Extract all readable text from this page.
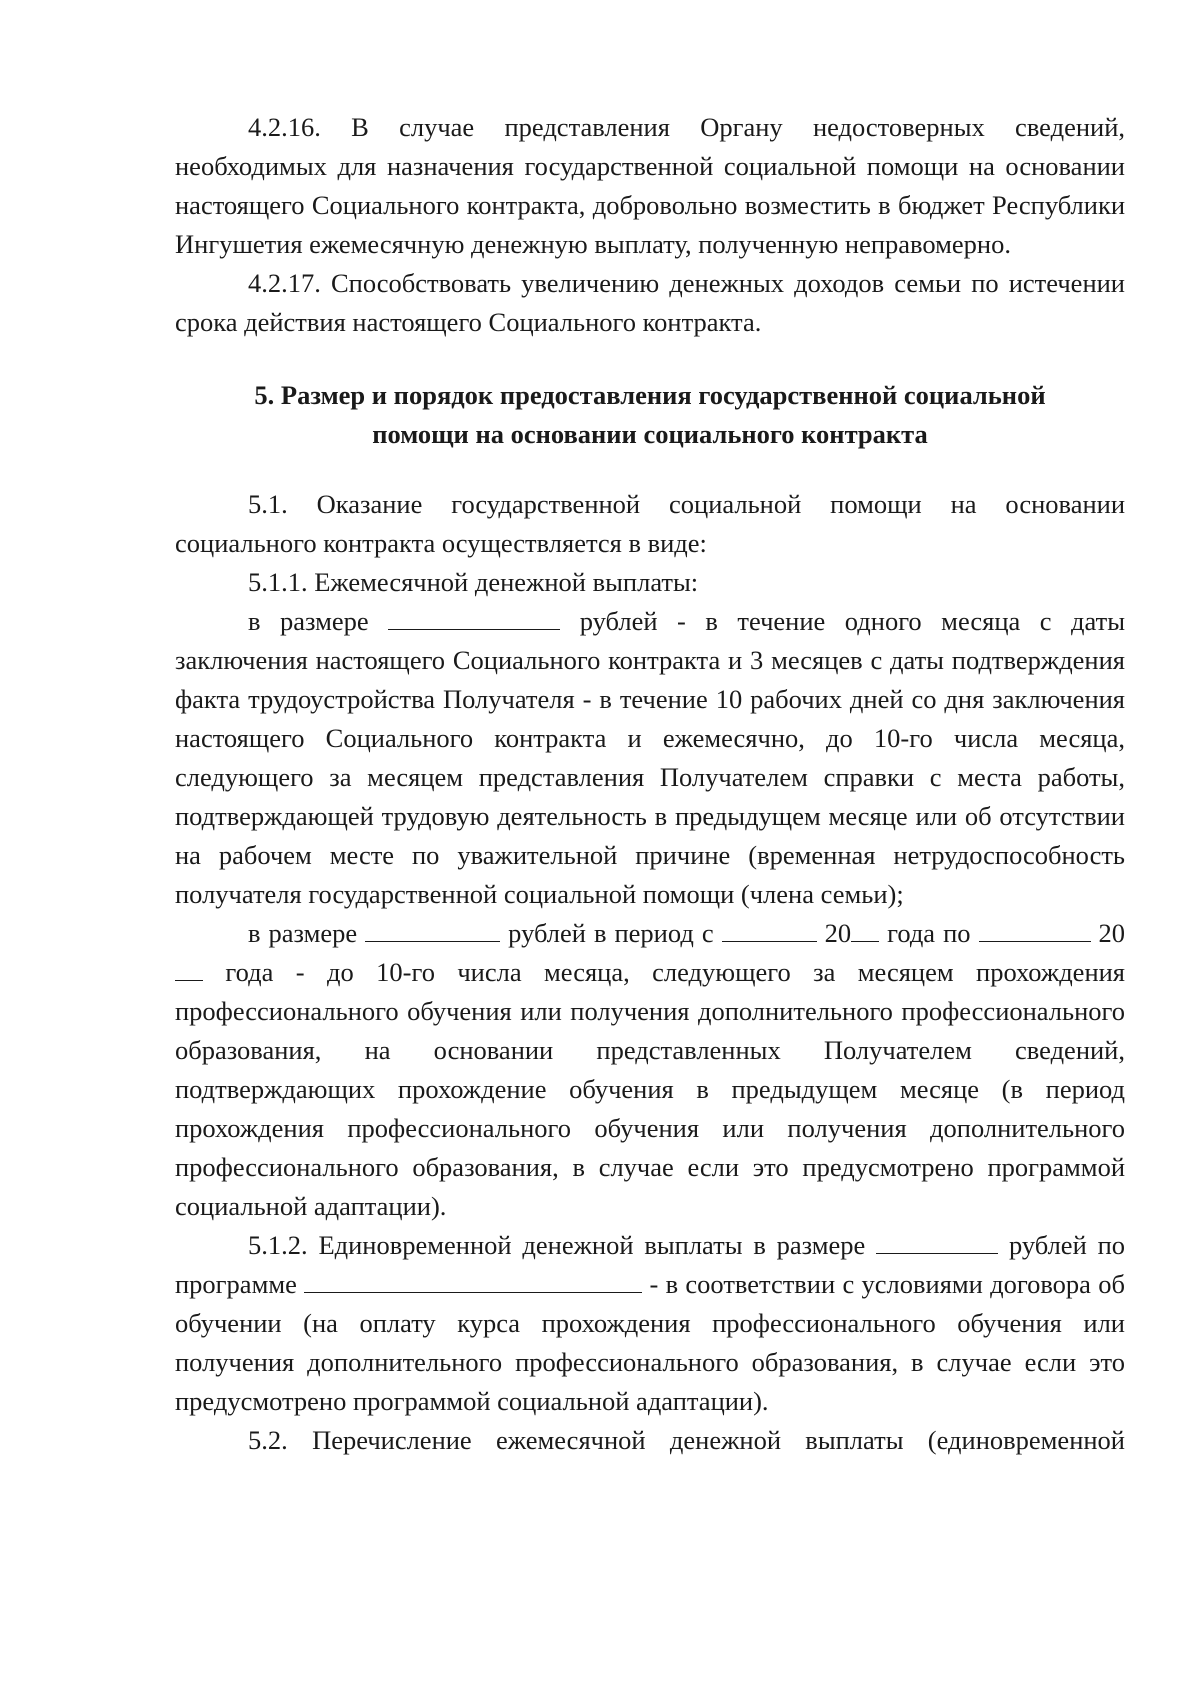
4.2.16. В случае представления Органу недостоверных сведений, необходимых для назначения государственной социальной помощи на основании настоящего Социального контракта, добровольно возместить в бюджет Республики Ингушетия ежемесячную денежную выплату, полученную неправомерно.

4.2.17. Способствовать увеличению денежных доходов семьи по истечении срока действия настоящего Социального контракта.

5. Размер и порядок предоставления государственной социальной
помощи на основании социального контракта

5.1. Оказание государственной социальной помощи на основании социального контракта осуществляется в виде:

5.1.1. Ежемесячной денежной выплаты:

в размере	рублей - в течение одного месяца с даты заключения настоящего Социального контракта и 3 месяцев с даты подтверждения факта трудоустройства Получателя - в течение 10 рабочих дней со дня заключения настоящего Социального контракта и ежемесячно, до 10-го числа месяца, следующего за месяцем представления Получателем справки с места работы, подтверждающей трудовую деятельность в предыдущем месяце или об отсутствии на рабочем месте по уважительной причине (временная нетрудоспособность получателя государственной социальной помощи (члена семьи);

в размере	рублей в период с	20 года по	20 года - до 10-го числа месяца, следующего за месяцем прохождения профессионального обучения или получения дополнительного профессионального образования, на основании представленных Получателем сведений, подтверждающих прохождение обучения в предыдущем месяце (в период прохождения профессионального обучения или получения дополнительного профессионального образования, в случае если это предусмотрено программой социальной адаптации).

5.1.2. Единовременной денежной выплаты в размере	рублей по программе	- в соответствии с условиями договора об обучении (на оплату курса прохождения профессионального обучения или получения дополнительного профессионального образования, в случае если это предусмотрено программой социальной адаптации).

5.2. Перечисление ежемесячной денежной выплаты (единовременной
